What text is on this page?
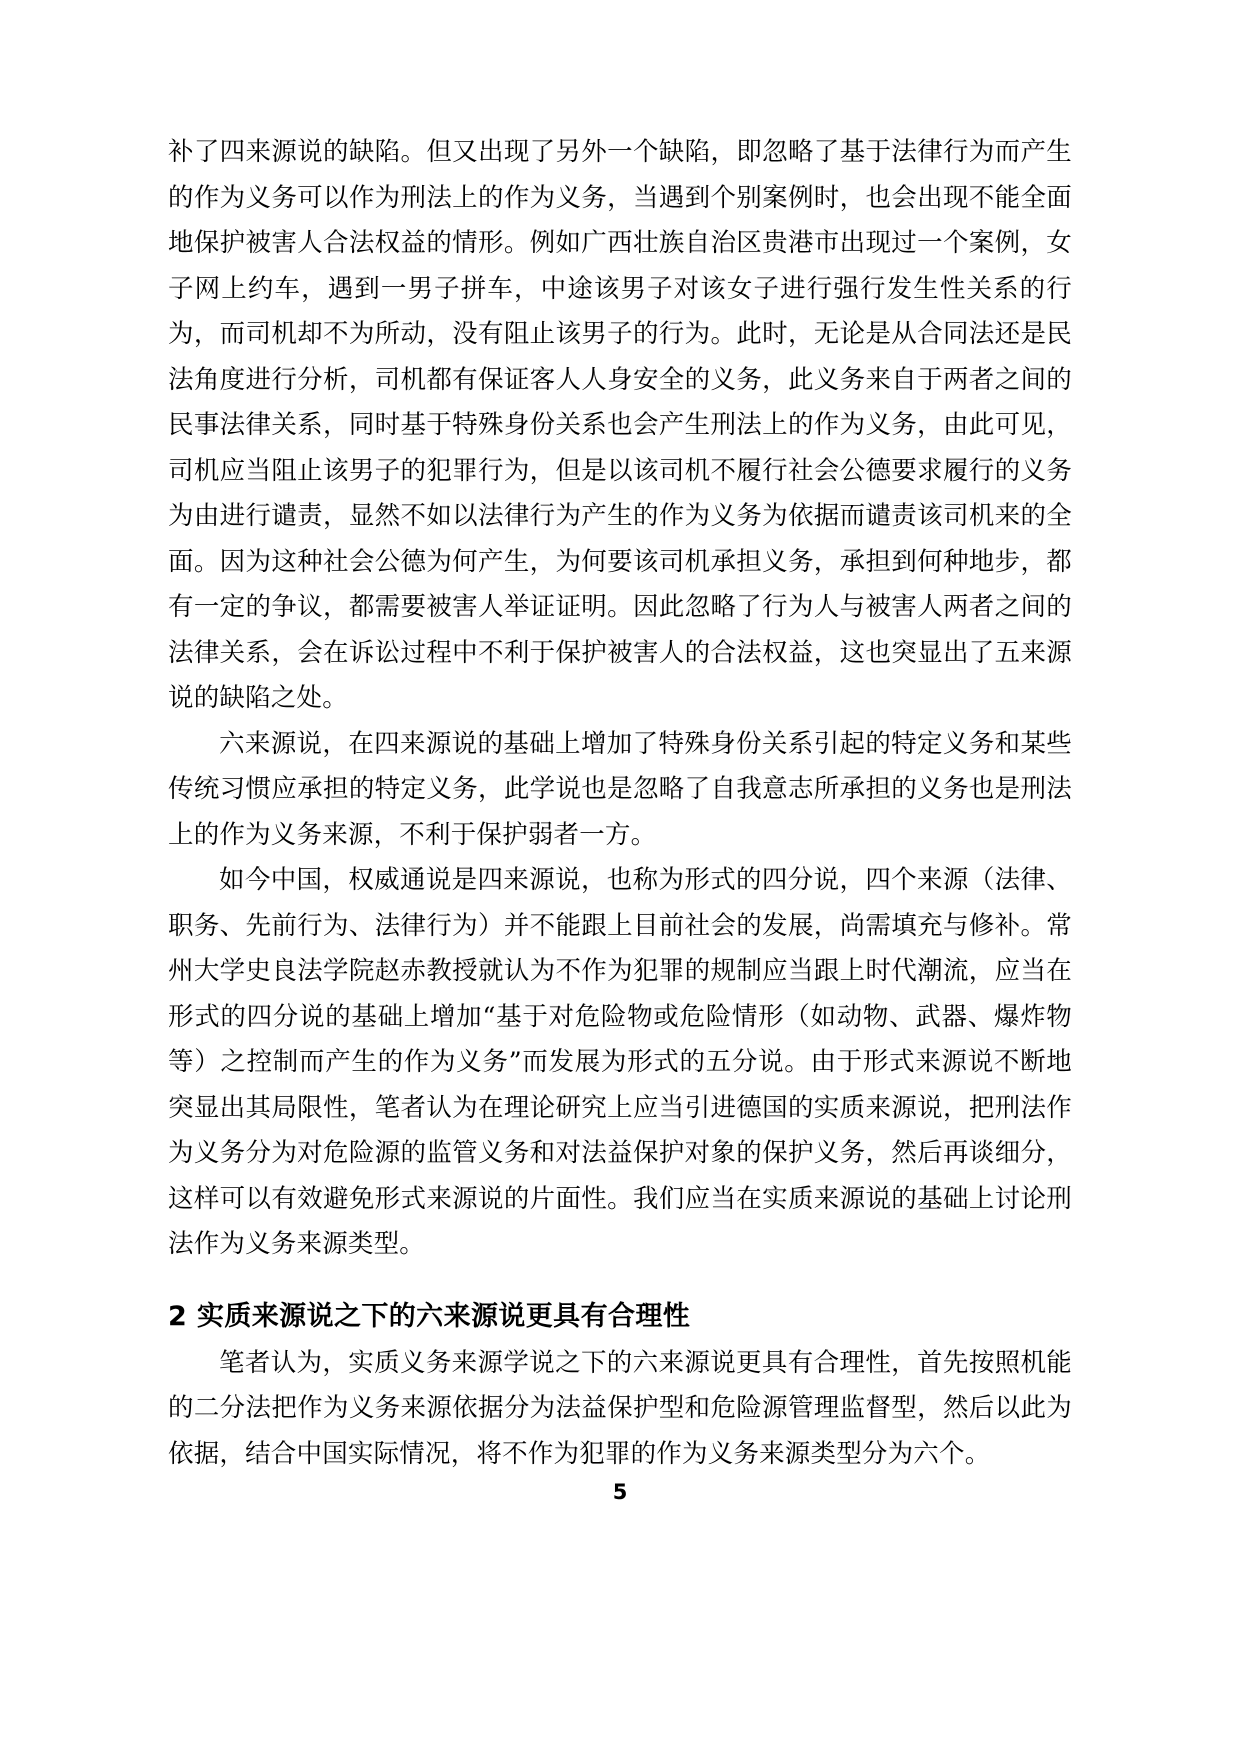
补了四来源说的缺陷。但又出现了另外一个缺陷，即忽略了基于法律行为而产生的作为义务可以作为刑法上的作为义务，当遇到个别案例时，也会出现不能全面地保护被害人合法权益的情形。例如广西壮族自治区贵港市出现过一个案例，女子网上约车，遇到一男子拼车，中途该男子对该女子进行强行发生性关系的行为，而司机却不为所动，没有阻止该男子的行为。此时，无论是从合同法还是民法角度进行分析，司机都有保证客人人身安全的义务，此义务来自于两者之间的民事法律关系，同时基于特殊身份关系也会产生刑法上的作为义务，由此可见，司机应当阻止该男子的犯罪行为，但是以该司机不履行社会公德要求履行的义务为由进行谴责，显然不如以法律行为产生的作为义务为依据而谴责该司机来的全面。因为这种社会公德为何产生，为何要该司机承担义务，承担到何种地步，都有一定的争议，都需要被害人举证证明。因此忽略了行为人与被害人两者之间的法律关系，会在诉讼过程中不利于保护被害人的合法权益，这也突显出了五来源说的缺陷之处。

六来源说，在四来源说的基础上增加了特殊身份关系引起的特定义务和某些传统习惯应承担的特定义务，此学说也是忽略了自我意志所承担的义务也是刑法上的作为义务来源，不利于保护弱者一方。

如今中国，权威通说是四来源说，也称为形式的四分说，四个来源（法律、职务、先前行为、法律行为）并不能跟上目前社会的发展，尚需填充与修补。常州大学史良法学院赵赤教授就认为不作为犯罪的规制应当跟上时代潮流，应当在形式的四分说的基础上增加“基于对危险物或危险情形（如动物、武器、爆炸物等）之控制而产生的作为义务”而发展为形式的五分说。由于形式来源说不断地突显出其局限性，笔者认为在理论研究上应当引进德国的实质来源说，把刑法作为义务分为对危险源的监管义务和对法益保护对象的保护义务，然后再谈细分，这样可以有效避免形式来源说的片面性。我们应当在实质来源说的基础上讨论刑法作为义务来源类型。

2 实质来源说之下的六来源说更具有合理性

笔者认为，实质义务来源学说之下的六来源说更具有合理性，首先按照机能的二分法把作为义务来源依据分为法益保护型和危险源管理监督型，然后以此为依据，结合中国实际情况，将不作为犯罪的作为义务来源类型分为六个。

5
